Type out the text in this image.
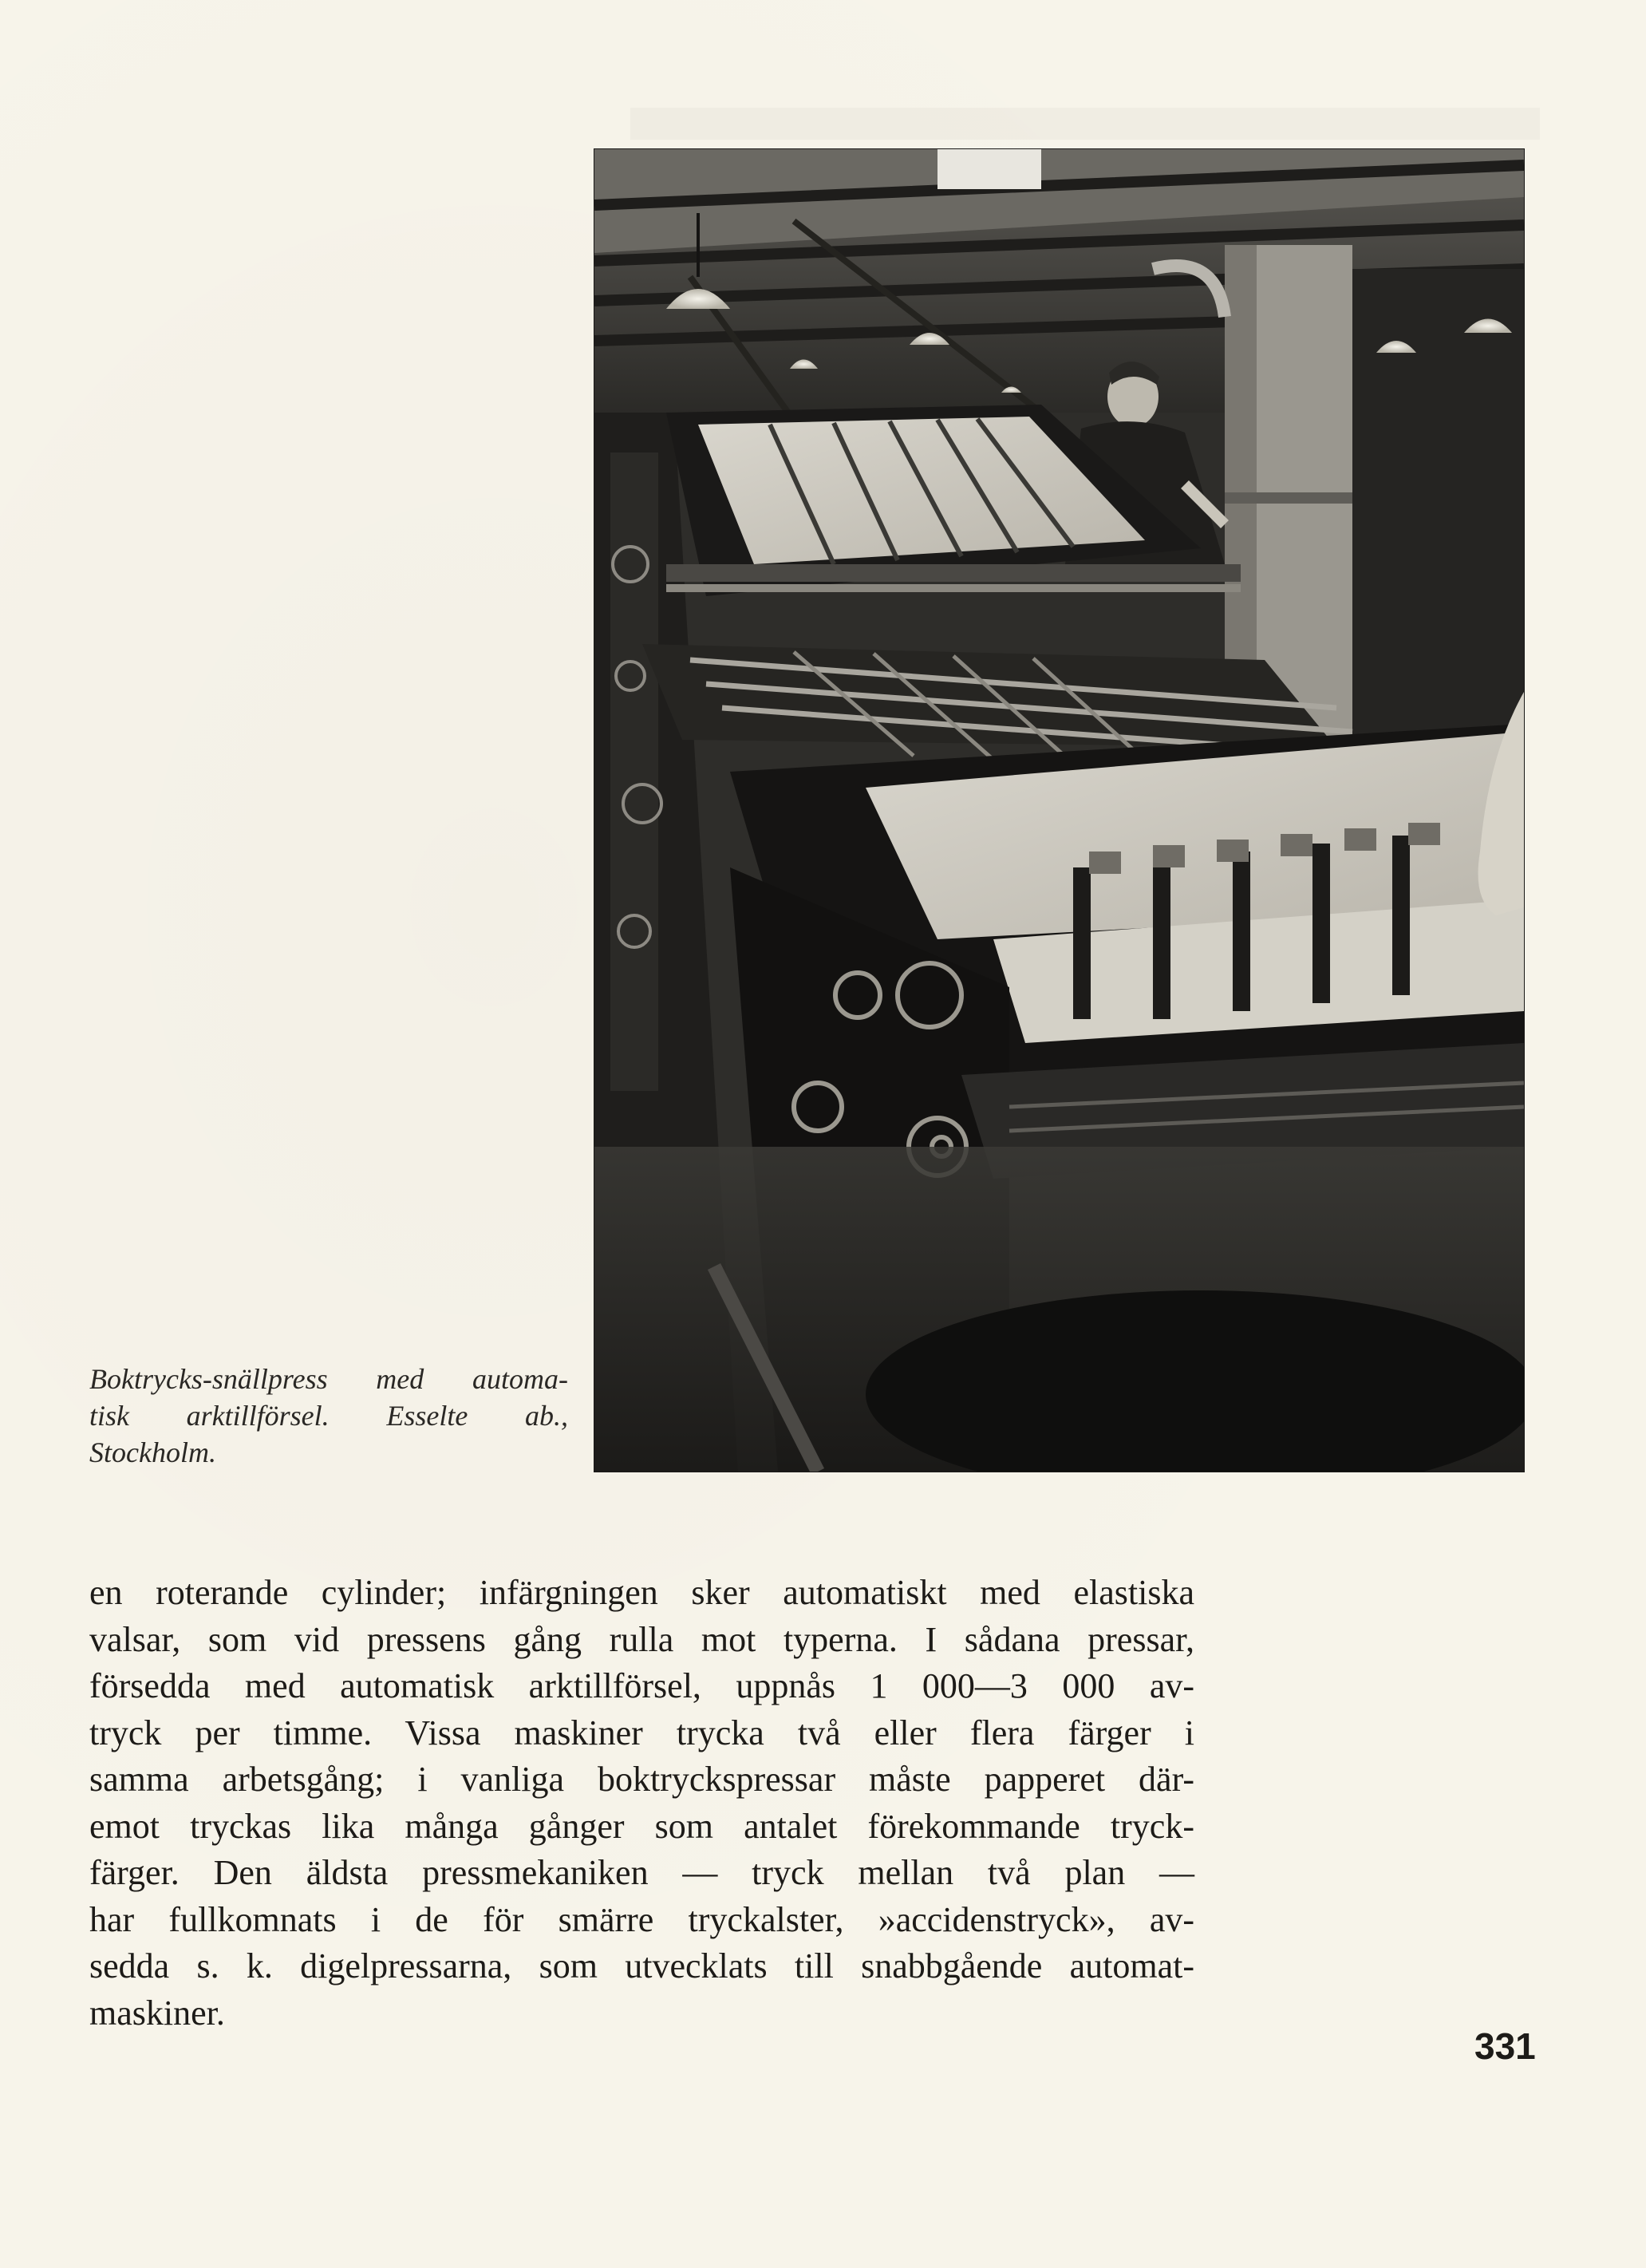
Boktrycks-snällpress med automa-
tisk arktillförsel. Esselte ab.,
Stockholm.
en roterande cylinder; infärgningen sker automatiskt med elastiska
valsar, som vid pressens gång rulla mot typerna. I sådana pressar,
försedda med automatisk arktillförsel, uppnås 1 000—3 000 av-
tryck per timme. Vissa maskiner trycka två eller flera färger i
samma arbetsgång; i vanliga boktryckspressar måste papperet där-
emot tryckas lika många gånger som antalet förekommande tryck-
färger. Den äldsta pressmekaniken — tryck mellan två plan —
har fullkomnats i de för smärre tryckalster, »accidenstryck», av-
sedda s. k. digelpressarna, som utvecklats till snabbgående automat-
maskiner.
331
